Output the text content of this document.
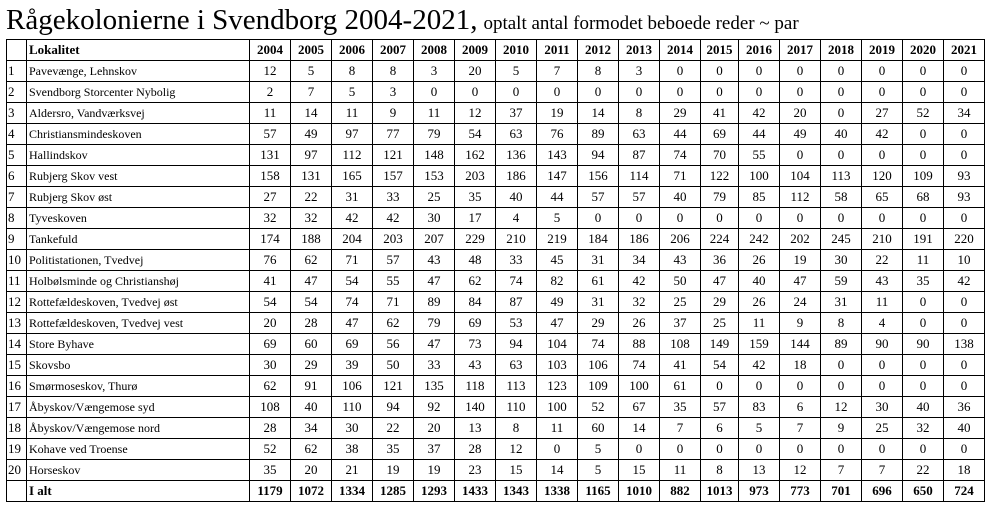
Rågekolonierne i Svendborg 2004-2021, optalt antal formodet beboede reder ~ par
	Lokalitet	2004	2005	2006	2007	2008	2009	2010	2011	2012	2013	2014	2015	2016	2017	2018	2019	2020	2021
1	Pavevænge, Lehnskov	12	5	8	8	3	20	5	7	8	3	0	0	0	0	0	0	0	0
2	Svendborg Storcenter Nybolig	2	7	5	3	0	0	0	0	0	0	0	0	0	0	0	0	0	0
3	Aldersro, Vandværksvej	11	14	11	9	11	12	37	19	14	8	29	41	42	20	0	27	52	34
4	Christiansmindeskoven	57	49	97	77	79	54	63	76	89	63	44	69	44	49	40	42	0	0
5	Hallindskov	131	97	112	121	148	162	136	143	94	87	74	70	55	0	0	0	0	0
6	Rubjerg Skov vest	158	131	165	157	153	203	186	147	156	114	71	122	100	104	113	120	109	93
7	Rubjerg Skov øst	27	22	31	33	25	35	40	44	57	57	40	79	85	112	58	65	68	93
8	Tyveskoven	32	32	42	42	30	17	4	5	0	0	0	0	0	0	0	0	0	0
9	Tankefuld	174	188	204	203	207	229	210	219	184	186	206	224	242	202	245	210	191	220
10	Politistationen, Tvedvej	76	62	71	57	43	48	33	45	31	34	43	36	26	19	30	22	11	10
11	Holbølsminde og Christianshøj	41	47	54	55	47	62	74	82	61	42	50	47	40	47	59	43	35	42
12	Rottefældeskoven, Tvedvej øst	54	54	74	71	89	84	87	49	31	32	25	29	26	24	31	11	0	0
13	Rottefældeskoven, Tvedvej vest	20	28	47	62	79	69	53	47	29	26	37	25	11	9	8	4	0	0
14	Store Byhave	69	60	69	56	47	73	94	104	74	88	108	149	159	144	89	90	90	138
15	Skovsbo	30	29	39	50	33	43	63	103	106	74	41	54	42	18	0	0	0	0
16	Smørmoseskov, Thurø	62	91	106	121	135	118	113	123	109	100	61	0	0	0	0	0	0	0
17	Åbyskov/Vængemose syd	108	40	110	94	92	140	110	100	52	67	35	57	83	6	12	30	40	36
18	Åbyskov/Vængemose nord	28	34	30	22	20	13	8	11	60	14	7	6	5	7	9	25	32	40
19	Kohave ved Troense	52	62	38	35	37	28	12	0	5	0	0	0	0	0	0	0	0	0
20	Horseskov	35	20	21	19	19	23	15	14	5	15	11	8	13	12	7	7	22	18
	I alt	1179	1072	1334	1285	1293	1433	1343	1338	1165	1010	882	1013	973	773	701	696	650	724
